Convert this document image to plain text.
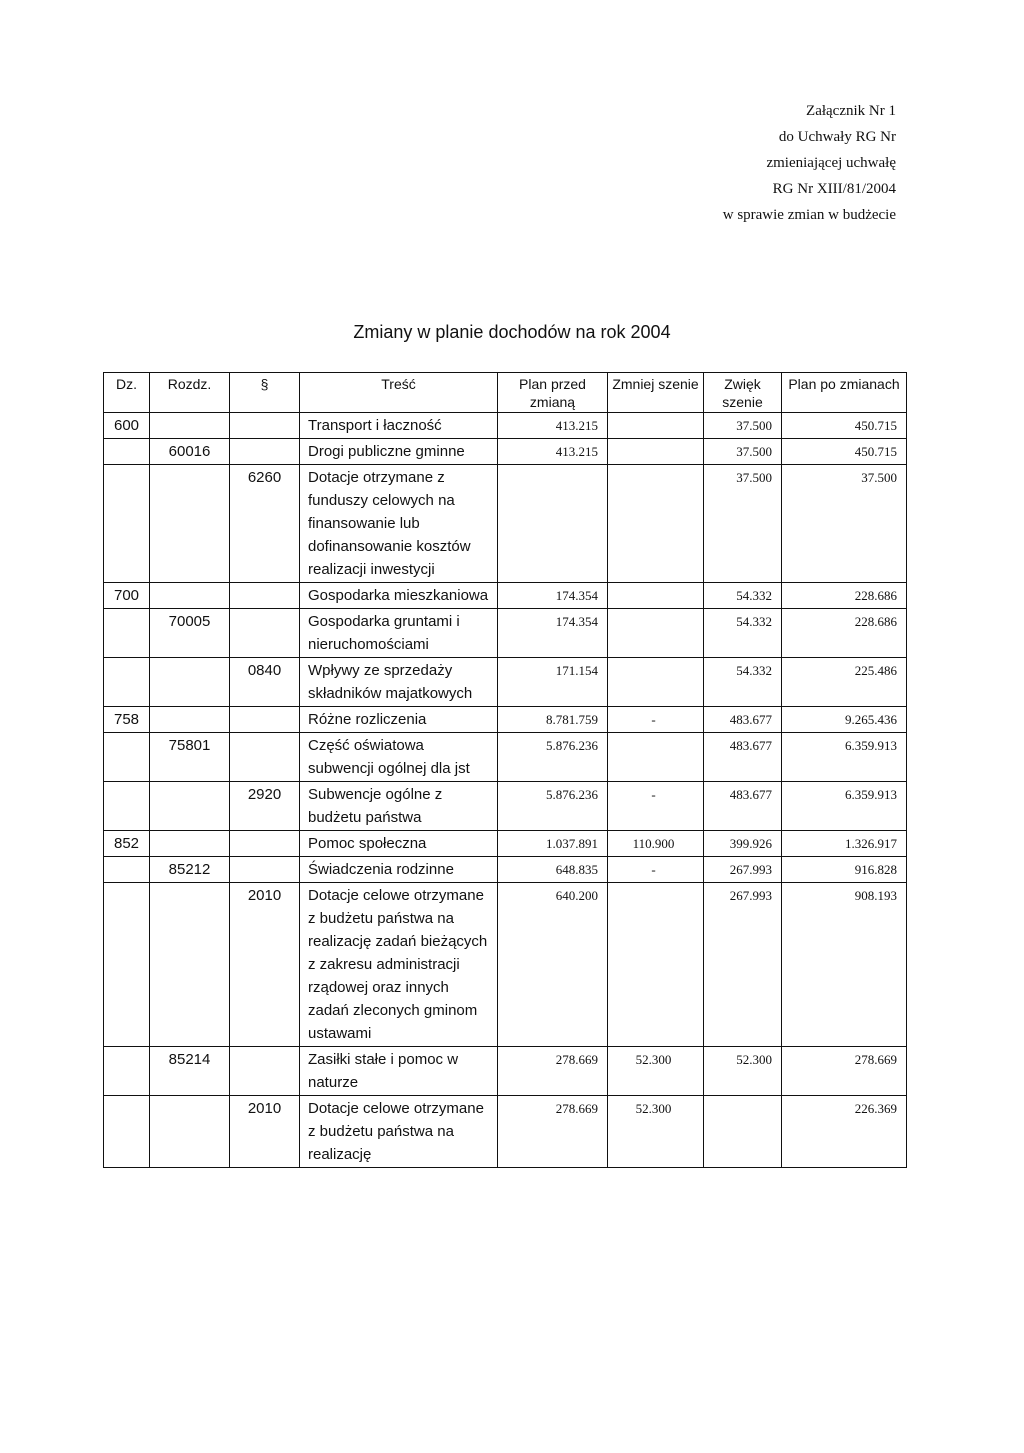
Załącznik Nr 1
do Uchwały RG Nr
zmieniającej uchwałę
RG Nr XIII/81/2004
w sprawie zmian w budżecie
Zmiany w planie dochodów na rok 2004
Dz.	Rozdz.	§	Treść	Plan przed zmianą	Zmniej szenie	Zwięk szenie	Plan po zmianach
600			Transport i łaczność	413.215		37.500	450.715
	60016		Drogi publiczne gminne	413.215		37.500	450.715
		6260	Dotacje otrzymane z funduszy celowych na finansowanie lub dofinansowanie kosztów realizacji inwestycji			37.500	37.500
700			Gospodarka mieszkaniowa	174.354		54.332	228.686
	70005		Gospodarka gruntami i nieruchomościami	174.354		54.332	228.686
		0840	Wpływy ze sprzedaży składników majatkowych	171.154		54.332	225.486
758			Różne rozliczenia	8.781.759	-	483.677	9.265.436
	75801		Część oświatowa subwencji ogólnej dla jst	5.876.236		483.677	6.359.913
		2920	Subwencje ogólne z budżetu państwa	5.876.236	-	483.677	6.359.913
852			Pomoc społeczna	1.037.891	110.900	399.926	1.326.917
	85212		Świadczenia rodzinne	648.835	-	267.993	916.828
		2010	Dotacje celowe otrzymane z budżetu państwa na realizację zadań bieżących z zakresu administracji rządowej oraz innych zadań zleconych gminom ustawami	640.200		267.993	908.193
	85214		Zasiłki stałe i pomoc w naturze	278.669	52.300	52.300	278.669
		2010	Dotacje celowe otrzymane z budżetu państwa na realizację	278.669	52.300		226.369
